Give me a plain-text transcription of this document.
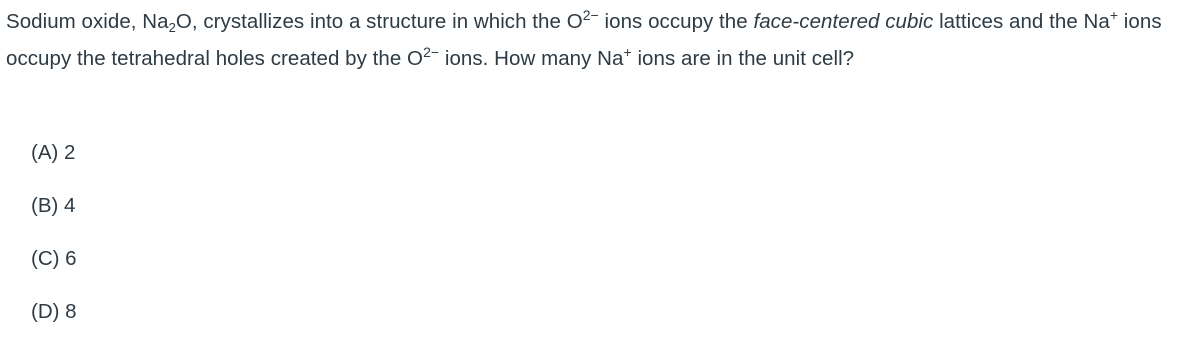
Sodium oxide, $Na_2O$, crystallizes into a structure in which the $O^{2-}$ ions occupy the face-centered cubic lattices and the Na+ ions occupy the tetrahedral holes created by the $O^{2-}$ ions. How many Na+ ions are in the unit cell?

(A) 2
(B) 4
(C) 6
(D) 8
